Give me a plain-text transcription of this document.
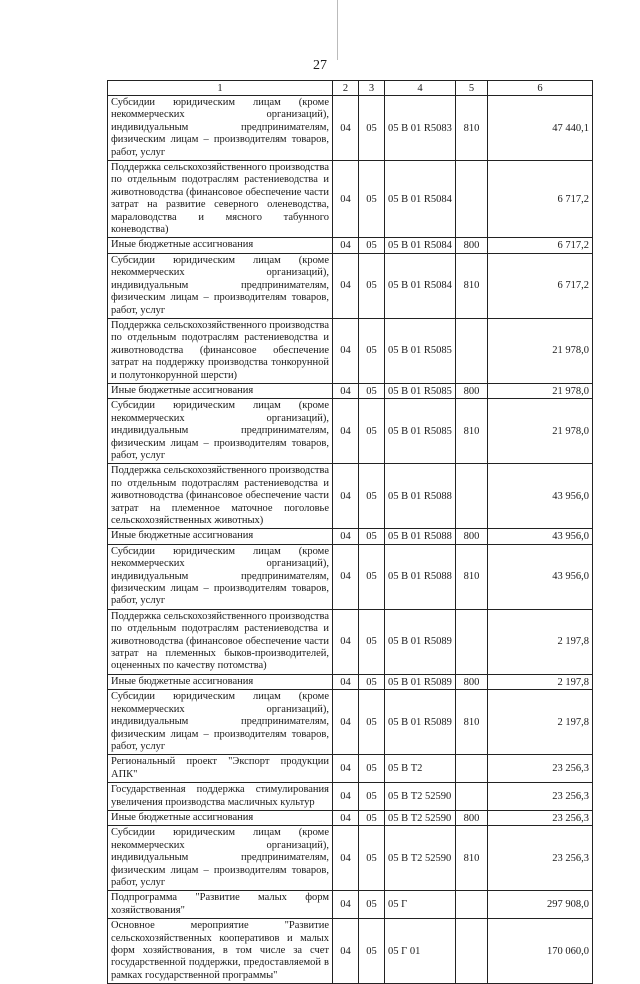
27
1	2	3	4	5	6
Субсидии юридическим лицам (кроме некоммерческих организаций), индивидуальным предпринимателям, физическим лицам – производителям товаров, работ, услуг	04	05	05 В 01 R5083	810	47 440,1
Поддержка сельскохозяйственного производства по отдельным подотраслям растениеводства и животноводства (финансовое обеспечение части затрат на развитие северного оленеводства, мараловодства и мясного табунного коневодства)	04	05	05 В 01 R5084		6 717,2
Иные бюджетные ассигнования	04	05	05 В 01 R5084	800	6 717,2
Субсидии юридическим лицам (кроме некоммерческих организаций), индивидуальным предпринимателям, физическим лицам – производителям товаров, работ, услуг	04	05	05 В 01 R5084	810	6 717,2
Поддержка сельскохозяйственного производства по отдельным подотраслям растениеводства и животноводства (финансовое обеспечение затрат на поддержку производства тонкорунной и полутонкорунной шерсти)	04	05	05 В 01 R5085		21 978,0
Иные бюджетные ассигнования	04	05	05 В 01 R5085	800	21 978,0
Субсидии юридическим лицам (кроме некоммерческих организаций), индивидуальным предпринимателям, физическим лицам – производителям товаров, работ, услуг	04	05	05 В 01 R5085	810	21 978,0
Поддержка сельскохозяйственного производства по отдельным подотраслям растениеводства и животноводства (финансовое обеспечение части затрат на племенное маточное поголовье сельскохозяйственных животных)	04	05	05 В 01 R5088		43 956,0
Иные бюджетные ассигнования	04	05	05 В 01 R5088	800	43 956,0
Субсидии юридическим лицам (кроме некоммерческих организаций), индивидуальным предпринимателям, физическим лицам – производителям товаров, работ, услуг	04	05	05 В 01 R5088	810	43 956,0
Поддержка сельскохозяйственного производства по отдельным подотраслям растениеводства и животноводства (финансовое обеспечение части затрат на племенных быков-производителей, оцененных по качеству потомства)	04	05	05 В 01 R5089		2 197,8
Иные бюджетные ассигнования	04	05	05 В 01 R5089	800	2 197,8
Субсидии юридическим лицам (кроме некоммерческих организаций), индивидуальным предпринимателям, физическим лицам – производителям товаров, работ, услуг	04	05	05 В 01 R5089	810	2 197,8
Региональный проект "Экспорт продукции АПК"	04	05	05 В Т2		23 256,3
Государственная поддержка стимулирования увеличения производства масличных культур	04	05	05 В Т2 52590		23 256,3
Иные бюджетные ассигнования	04	05	05 В Т2 52590	800	23 256,3
Субсидии юридическим лицам (кроме некоммерческих организаций), индивидуальным предпринимателям, физическим лицам – производителям товаров, работ, услуг	04	05	05 В Т2 52590	810	23 256,3
Подпрограмма "Развитие малых форм хозяйствования"	04	05	05 Г		297 908,0
Основное мероприятие "Развитие сельскохозяйственных кооперативов и малых форм хозяйствования, в том числе за счет государственной поддержки, предоставляемой в рамках государственной программы"	04	05	05 Г 01		170 060,0
